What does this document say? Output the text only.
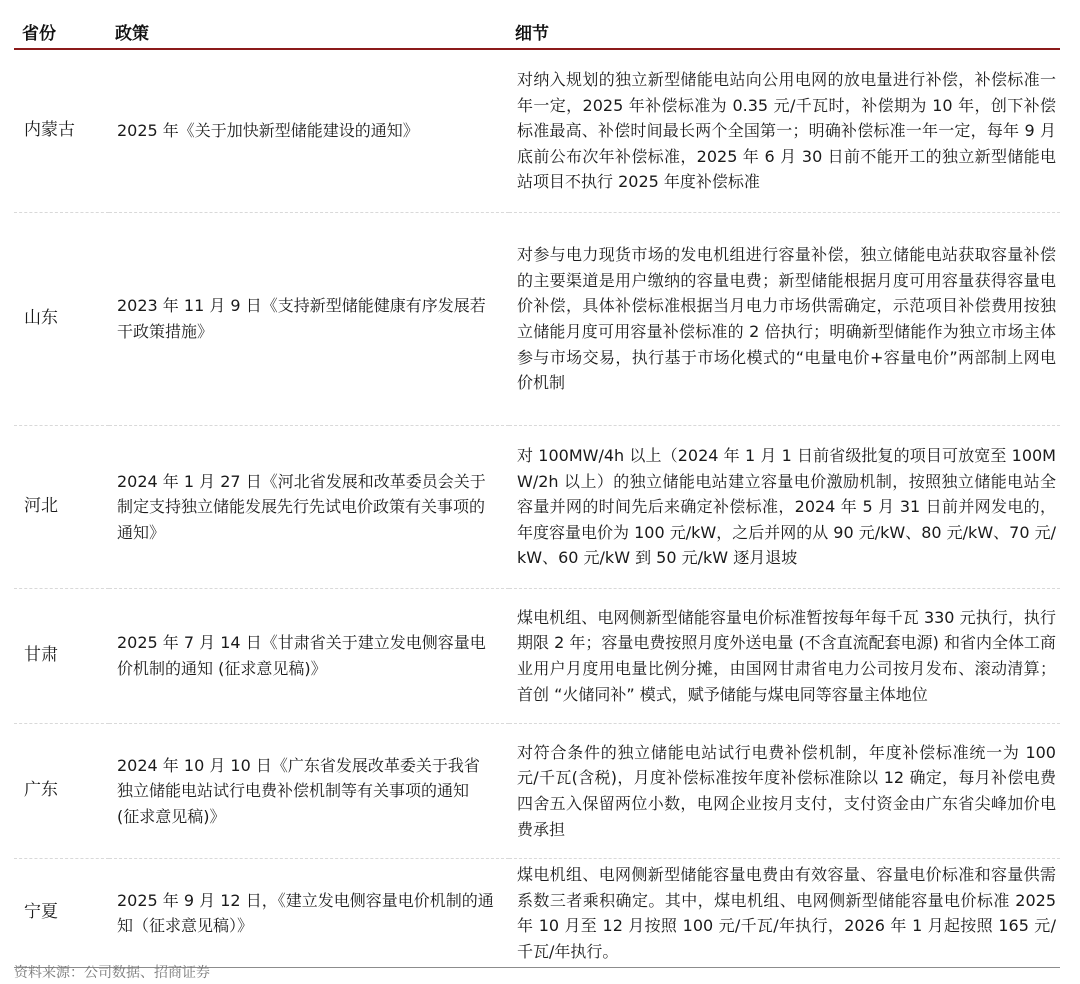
省份	政策	细节
内蒙古	2025 年《关于加快新型储能建设的通知》	对纳入规划的独立新型储能电站向公用电网的放电量进行补偿，补偿标准一年一定，2025 年补偿标准为 0.35 元/千瓦时，补偿期为 10 年，创下补偿标准最高、补偿时间最长两个全国第一；明确补偿标准一年一定，每年 9 月底前公布次年补偿标准，2025 年 6 月 30 日前不能开工的独立新型储能电站项目不执行 2025 年度补偿标准
山东	2023 年 11 月 9 日《支持新型储能健康有序发展若干政策措施》	对参与电力现货市场的发电机组进行容量补偿，独立储能电站获取容量补偿的主要渠道是用户缴纳的容量电费；新型储能根据月度可用容量获得容量电价补偿，具体补偿标准根据当月电力市场供需确定，示范项目补偿费用按独立储能月度可用容量补偿标准的 2 倍执行；明确新型储能作为独立市场主体参与市场交易，执行基于市场化模式的“电量电价+容量电价”两部制上网电价机制
河北	2024 年 1 月 27 日《河北省发展和改革委员会关于制定支持独立储能发展先行先试电价政策有关事项的通知》	对 100MW/4h 以上（2024 年 1 月 1 日前省级批复的项目可放宽至 100MW/2h 以上）的独立储能电站建立容量电价激励机制，按照独立储能电站全容量并网的时间先后来确定补偿标准，2024 年 5 月 31 日前并网发电的，年度容量电价为 100 元/kW，之后并网的从 90 元/kW、80 元/kW、70 元/kW、60 元/kW 到 50 元/kW 逐月退坡
甘肃	2025 年 7 月 14 日《甘肃省关于建立发电侧容量电价机制的通知 (征求意见稿)》	煤电机组、电网侧新型储能容量电价标准暂按每年每千瓦 330 元执行，执行期限 2 年；容量电费按照月度外送电量 (不含直流配套电源) 和省内全体工商业用户月度用电量比例分摊，由国网甘肃省电力公司按月发布、滚动清算；首创 “火储同补” 模式，赋予储能与煤电同等容量主体地位
广东	2024 年 10 月 10 日《广东省发展改革委关于我省独立储能电站试行电费补偿机制等有关事项的通知 (征求意见稿)》	对符合条件的独立储能电站试行电费补偿机制，年度补偿标准统一为 100 元/千瓦(含税)，月度补偿标准按年度补偿标准除以 12 确定，每月补偿电费四舍五入保留两位小数，电网企业按月支付，支付资金由广东省尖峰加价电费承担
宁夏	2025 年 9 月 12 日，《建立发电侧容量电价机制的通知（征求意见稿）》	煤电机组、电网侧新型储能容量电费由有效容量、容量电价标准和容量供需系数三者乘积确定。其中，煤电机组、电网侧新型储能容量电价标准 2025 年 10 月至 12 月按照 100 元/千瓦/年执行，2026 年 1 月起按照 165 元/千瓦/年执行。
资料来源：公司数据、招商证券
